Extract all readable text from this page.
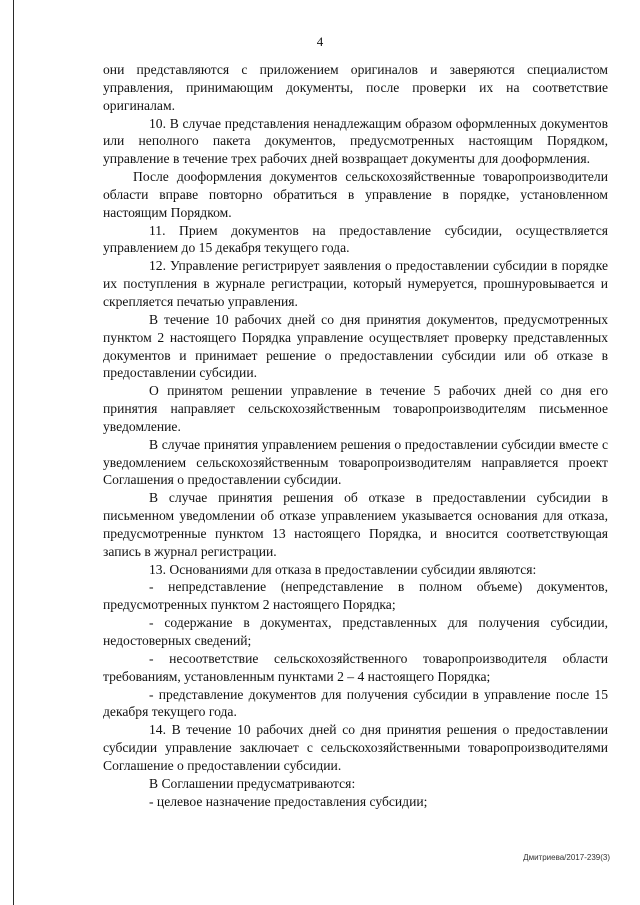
4

они представляются с приложением оригиналов и заверяются специалистом управления, принимающим документы, после проверки их на соответствие оригиналам.

10. В случае представления ненадлежащим образом оформленных документов или неполного пакета документов, предусмотренных настоящим Порядком, управление в течение трех рабочих дней возвращает документы для дооформления.

После дооформления документов сельскохозяйственные товаропроизводители области вправе повторно обратиться в управление в порядке, установленном настоящим Порядком.

11. Прием документов на предоставление субсидии, осуществляется управлением до 15 декабря текущего года.

12. Управление регистрирует заявления о предоставлении субсидии в порядке их поступления в журнале регистрации, который нумеруется, прошнуровывается и скрепляется печатью управления.

В течение 10 рабочих дней со дня принятия документов, предусмотренных пунктом 2 настоящего Порядка управление осуществляет проверку представленных документов и принимает решение о предоставлении субсидии или об отказе в предоставлении субсидии.

О принятом решении управление в течение 5 рабочих дней со дня его принятия направляет сельскохозяйственным товаропроизводителям письменное уведомление.

В случае принятия управлением решения о предоставлении субсидии вместе с уведомлением сельскохозяйственным товаропроизводителям направляется проект Соглашения о предоставлении субсидии.

В случае принятия решения об отказе в предоставлении субсидии в письменном уведомлении об отказе управлением указывается основания для отказа, предусмотренные пунктом 13 настоящего Порядка, и вносится соответствующая запись в журнал регистрации.

13. Основаниями для отказа в предоставлении субсидии являются:

- непредставление (непредставление в полном объеме) документов, предусмотренных пунктом 2 настоящего Порядка;

- содержание в документах, представленных для получения субсидии, недостоверных сведений;

- несоответствие сельскохозяйственного товаропроизводителя области требованиям, установленным пунктами 2 – 4 настоящего Порядка;

- представление документов для получения субсидии в управление после 15 декабря текущего года.

14. В течение 10 рабочих дней со дня принятия решения о предоставлении субсидии управление заключает с сельскохозяйственными товаропроизводителями Соглашение о предоставлении субсидии.

В Соглашении предусматриваются:

- целевое назначение предоставления субсидии;

Дмитриева/2017-239(3)
